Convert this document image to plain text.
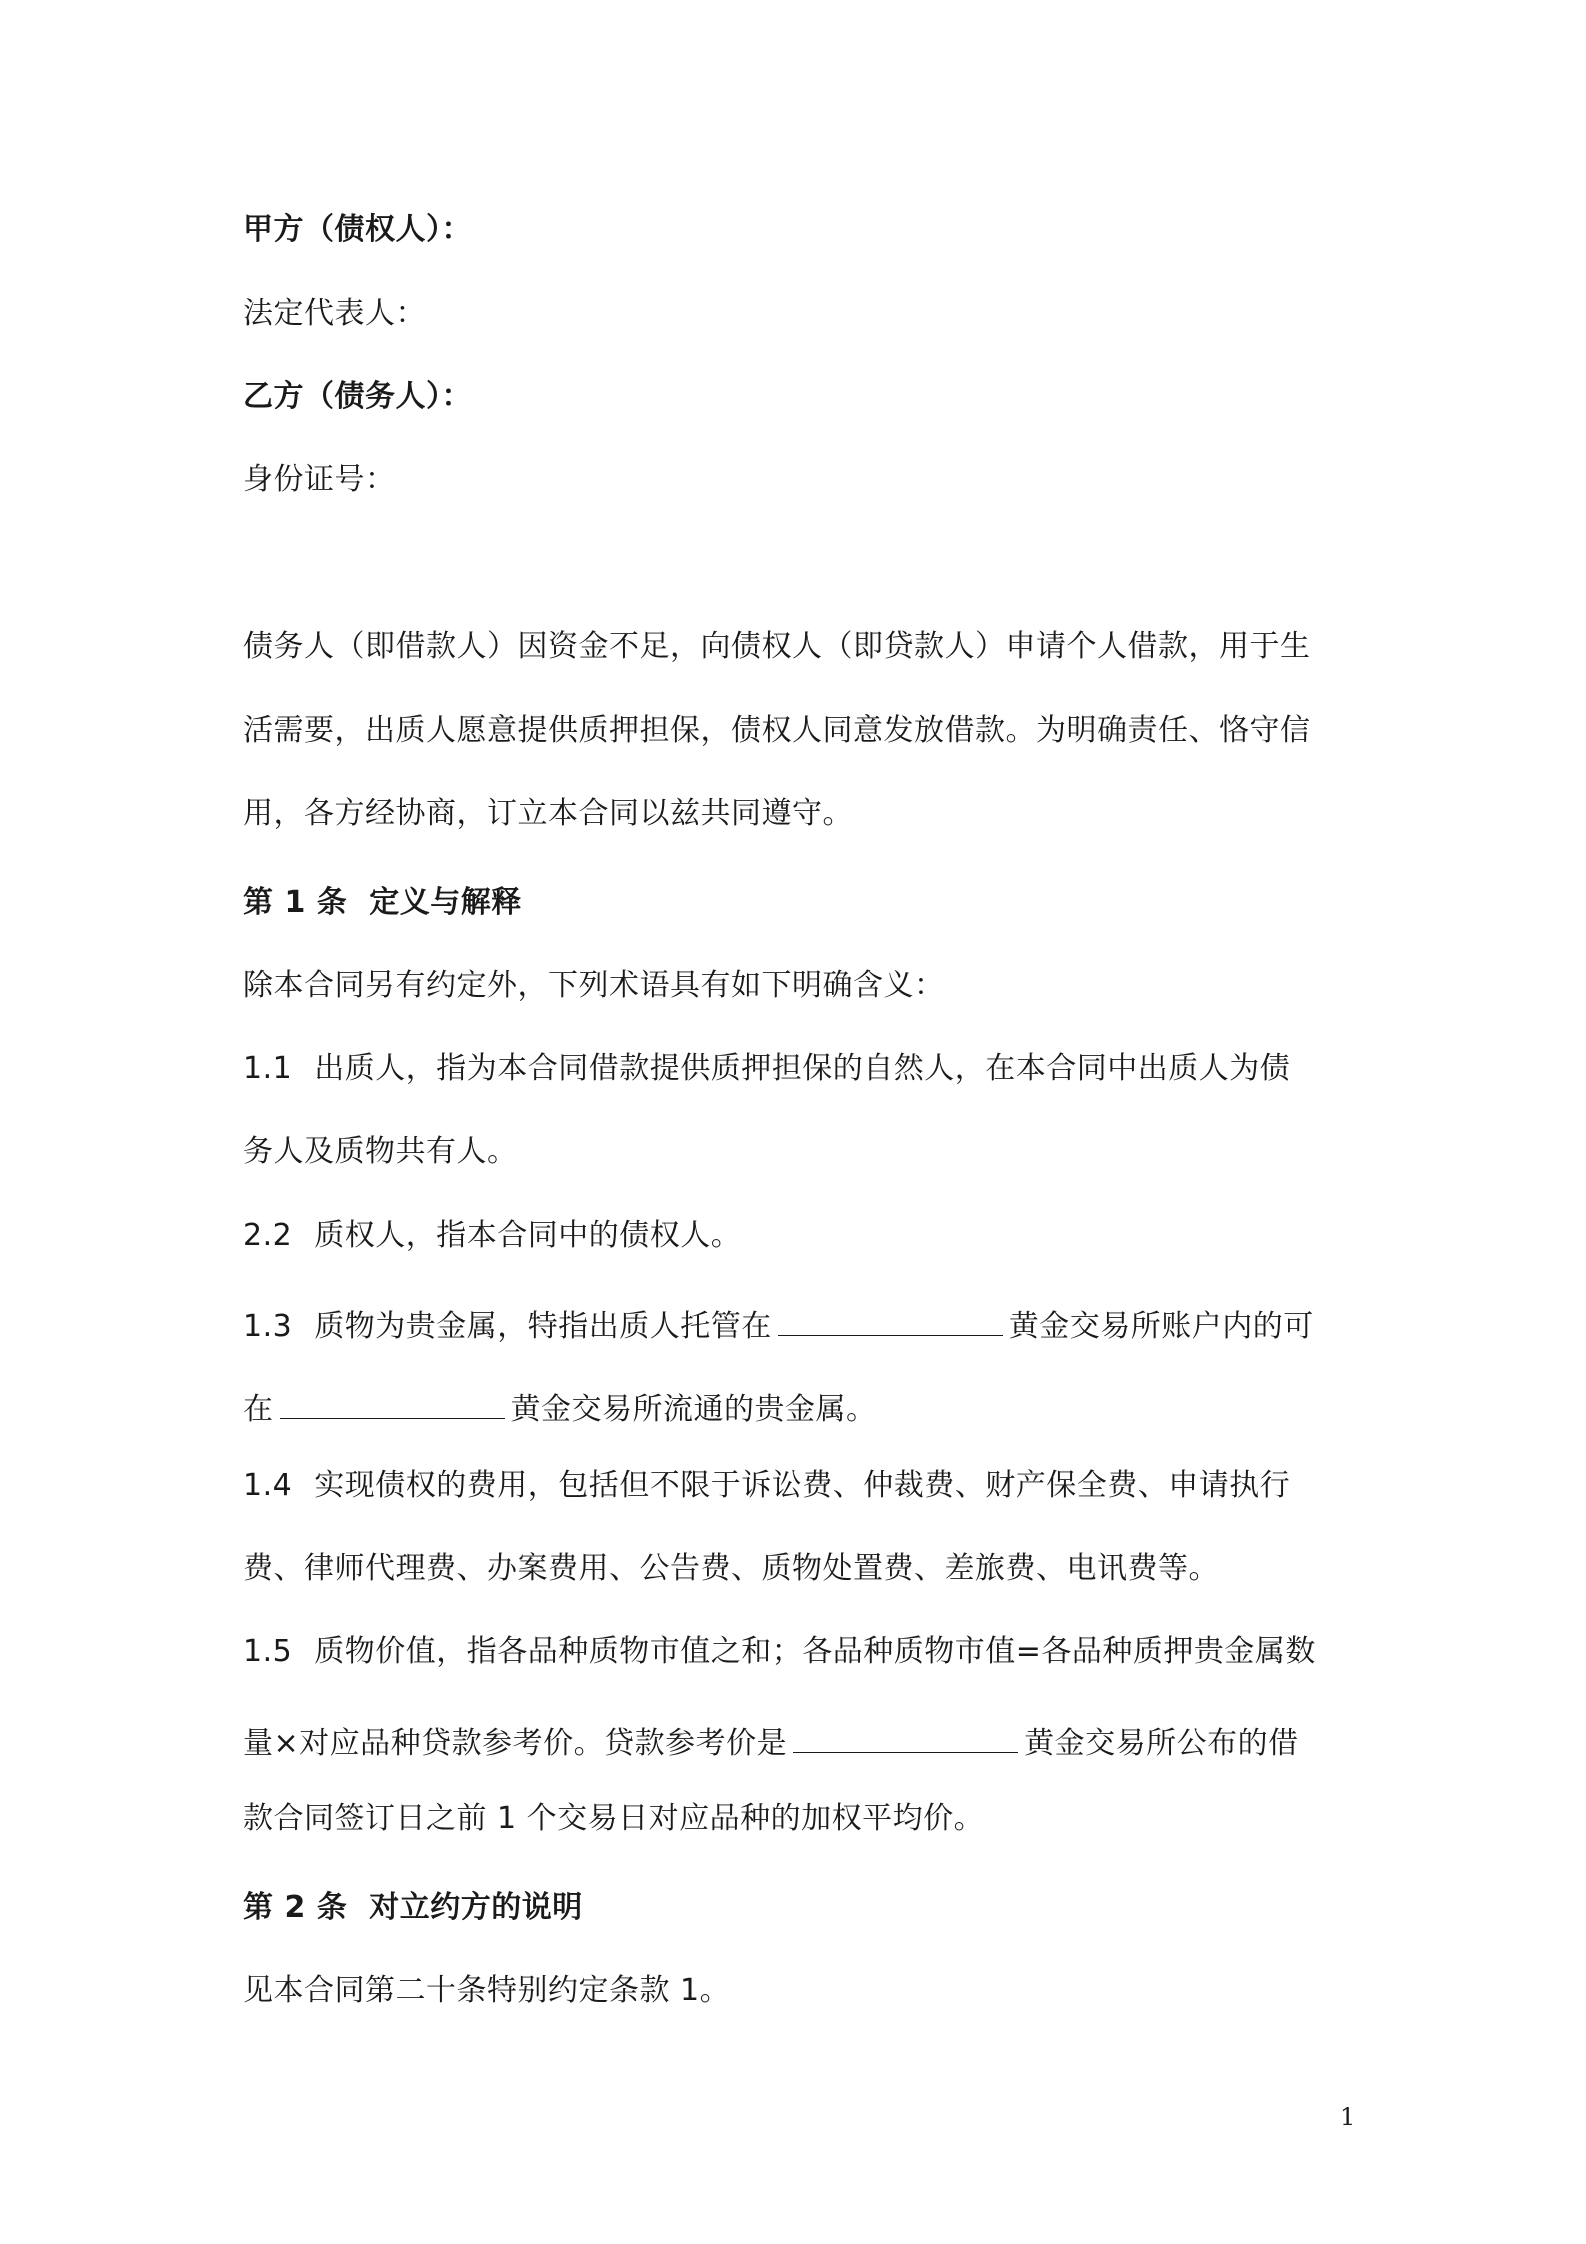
甲方（债权人）：
法定代表人：
乙方（债务人）：
身份证号：
债务人（即借款人）因资金不足，向债权人（即贷款人）申请个人借款，用于生
活需要，出质人愿意提供质押担保，债权人同意发放借款。为明确责任、恪守信
用，各方经协商，订立本合同以兹共同遵守。
第 1 条 定义与解释
除本合同另有约定外，下列术语具有如下明确含义：
1.1 出质人，指为本合同借款提供质押担保的自然人，在本合同中出质人为债
务人及质物共有人。
2.2 质权人，指本合同中的债权人。
1.3 质物为贵金属，特指出质人托管在	黄金交易所账户内的可
在	黄金交易所流通的贵金属。
1.4 实现债权的费用，包括但不限于诉讼费、仲裁费、财产保全费、申请执行
费、律师代理费、办案费用、公告费、质物处置费、差旅费、电讯费等。
1.5 质物价值，指各品种质物市值之和；各品种质物市值=各品种质押贵金属数
量×对应品种贷款参考价。贷款参考价是	黄金交易所公布的借
款合同签订日之前 1 个交易日对应品种的加权平均价。
第 2 条 对立约方的说明
见本合同第二十条特别约定条款 1。
1
